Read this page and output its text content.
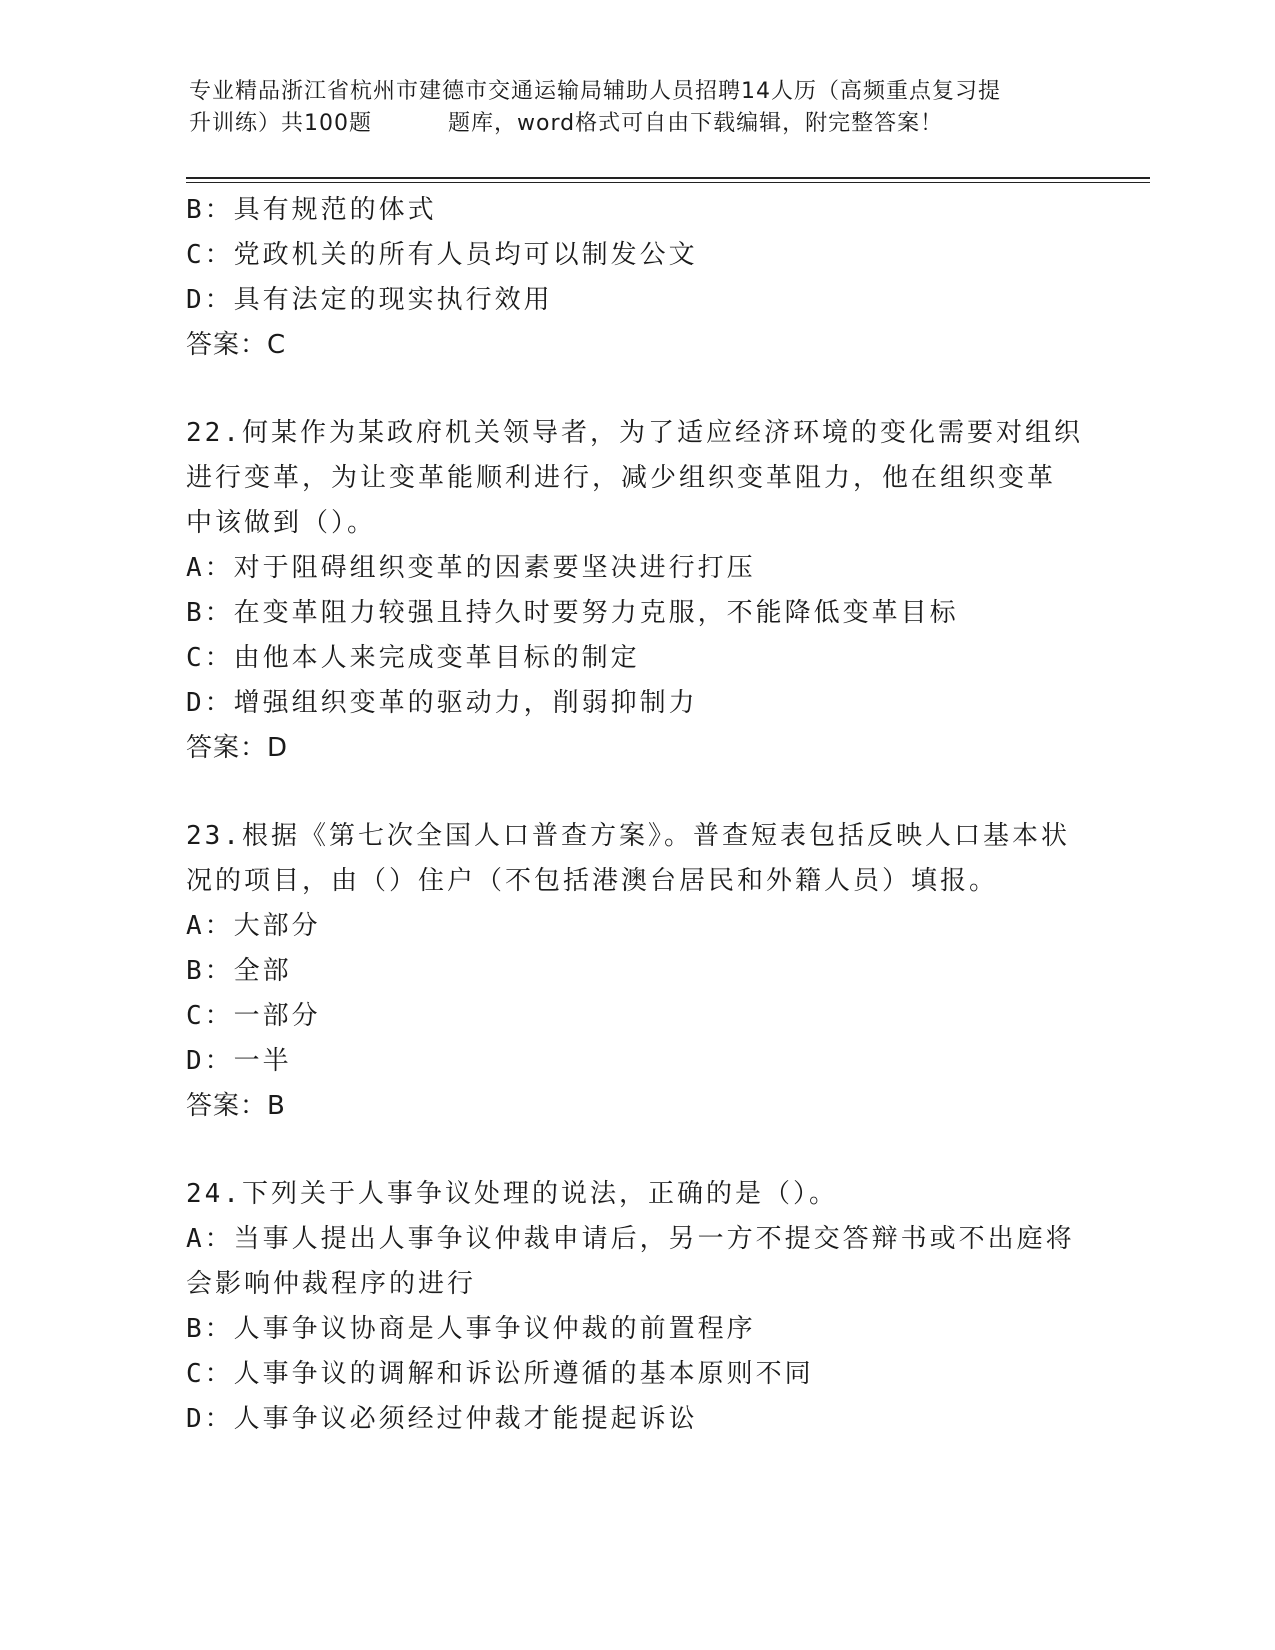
专业精品浙江省杭州市建德市交通运输局辅助人员招聘14人历（高频重点复习提
升训练）共100题	题库，word格式可自由下载编辑，附完整答案！

B：具有规范的体式

C：党政机关的所有人员均可以制发公文

D：具有法定的现实执行效用

答案：C

22.何某作为某政府机关领导者，为了适应经济环境的变化需要对组织

进行变革，为让变革能顺利进行，减少组织变革阻力，他在组织变革

中该做到（）。

A：对于阻碍组织变革的因素要坚决进行打压

B：在变革阻力较强且持久时要努力克服，不能降低变革目标

C：由他本人来完成变革目标的制定

D：增强组织变革的驱动力，削弱抑制力

答案：D

23.根据《第七次全国人口普查方案》。普查短表包括反映人口基本状

况的项目，由（）住户（不包括港澳台居民和外籍人员）填报。

A：大部分

B：全部

C：一部分

D：一半

答案：B

24.下列关于人事争议处理的说法，正确的是（）。

A：当事人提出人事争议仲裁申请后，另一方不提交答辩书或不出庭将

会影响仲裁程序的进行

B：人事争议协商是人事争议仲裁的前置程序

C：人事争议的调解和诉讼所遵循的基本原则不同

D：人事争议必须经过仲裁才能提起诉讼
